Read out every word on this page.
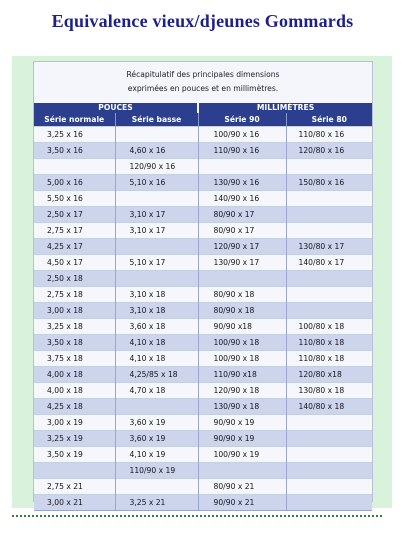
Equivalence vieux/djeunes Gommards
Récapitulatif des principales dimensions
exprimées en pouces et en millimètres.
POUCES		MILLIMÈTRES	
Série normale	Série basse	Série 90	Série 80
3,25 x 16		100/90 x 16	110/80 x 16
3,50 x 16	4,60 x 16	110/90 x 16	120/80 x 16
	120/90 x 16		
5,00 x 16	5,10 x 16	130/90 x 16	150/80 x 16
5,50 x 16		140/90 x 16	
2,50 x 17	3,10 x 17	80/90 x 17	
2,75 x 17	3,10 x 17	80/90 x 17	
4,25 x 17		120/90 x 17	130/80 x 17
4,50 x 17	5,10 x 17	130/90 x 17	140/80 x 17
2,50 x 18			
2,75 x 18	3,10 x 18	80/90 x 18	
3,00 x 18	3,10 x 18	80/90 x 18	
3,25 x 18	3,60 x 18	90/90 x18	100/80 x 18
3,50 x 18	4,10 x 18	100/90 x 18	110/80 x 18
3,75 x 18	4,10 x 18	100/90 x 18	110/80 x 18
4,00 x 18	4,25/85 x 18	110/90 x18	120/80 x18
4,00 x 18	4,70 x 18	120/90 x 18	130/80 x 18
4,25 x 18		130/90 x 18	140/80 x 18
3,00 x 19	3,60 x 19	90/90 x 19	
3,25 x 19	3,60 x 19	90/90 x 19	
3,50 x 19	4,10 x 19	100/90 x 19	
	110/90 x 19		
2,75 x 21		80/90 x 21	
3,00 x 21	3,25 x 21	90/90 x 21	
